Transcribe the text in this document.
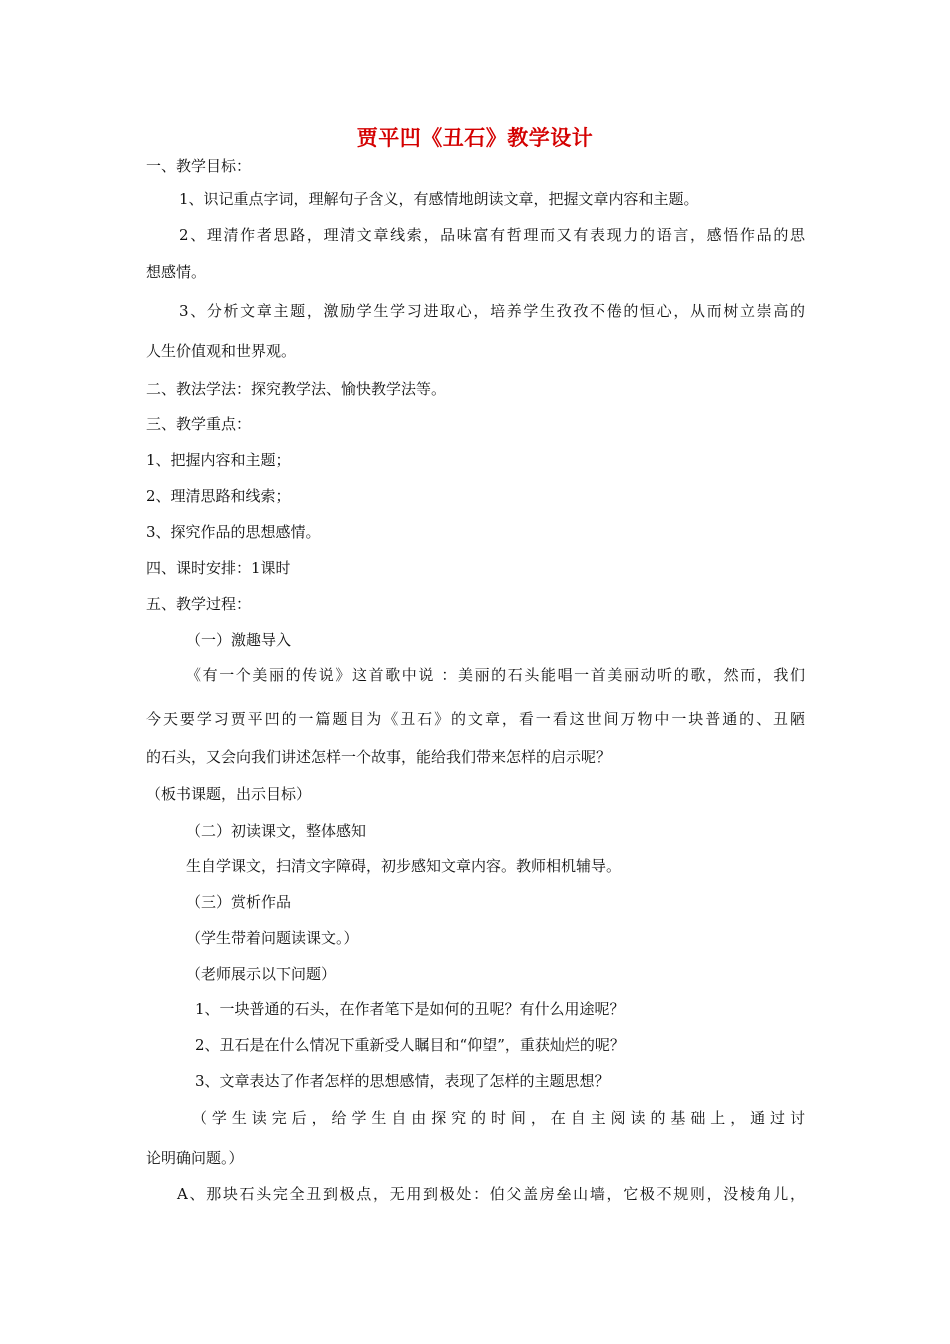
贾平凹《丑石》教学设计
一、教学目标：
1、识记重点字词，理解句子含义，有感情地朗读文章，把握文章内容和主题。
2、理清作者思路，理清文章线索，品味富有哲理而又有表现力的语言，感悟作品的思
想感情。
3、分析文章主题，激励学生学习进取心，培养学生孜孜不倦的恒心，从而树立崇高的
人生价值观和世界观。
二、教法学法：探究教学法、愉快教学法等。
三、教学重点：
1、把握内容和主题；
2、理清思路和线索；
3、探究作品的思想感情。
四、课时安排：1课时
五、教学过程：
（一）激趣导入
《有一个美丽的传说》这首歌中说 ：美丽的石头能唱一首美丽动听的歌，然而，我们
今天要学习贾平凹的一篇题目为《丑石》的文章，看一看这世间万物中一块普通的、丑陋
的石头，又会向我们讲述怎样一个故事，能给我们带来怎样的启示呢？
（板书课题，出示目标）
（二）初读课文，整体感知
生自学课文，扫清文字障碍，初步感知文章内容。教师相机辅导。
（三）赏析作品
（学生带着问题读课文。）
（老师展示以下问题）
1、一块普通的石头，在作者笔下是如何的丑呢？有什么用途呢？
2、丑石是在什么情况下重新受人瞩目和“仰望”，重获灿烂的呢？
3、文章表达了作者怎样的思想感情，表现了怎样的主题思想？
（学生读完后，给学生自由探究的时间，在自主阅读的基础上，通过讨
论明确问题。）
A、那块石头完全丑到极点，无用到极处：伯父盖房垒山墙，它极不规则，没棱角儿，
